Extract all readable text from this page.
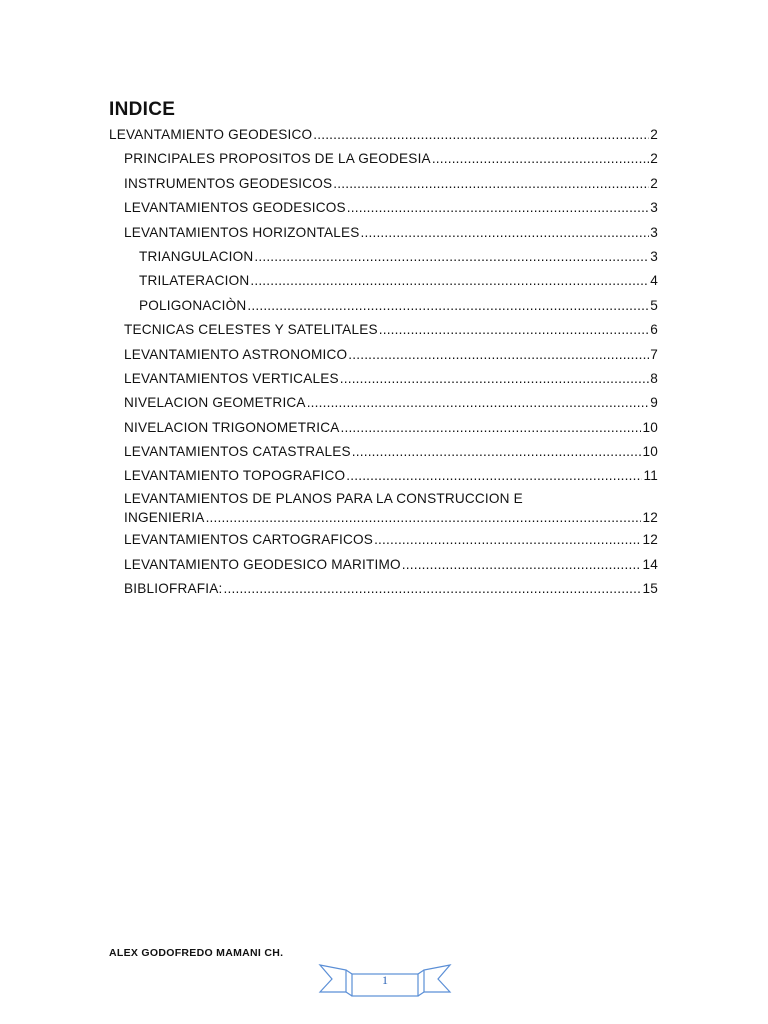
INDICE
LEVANTAMIENTO GEODESICO .....	2
PRINCIPALES PROPOSITOS DE LA GEODESIA .....	2
INSTRUMENTOS GEODESICOS .....	2
LEVANTAMIENTOS GEODESICOS .....	3
LEVANTAMIENTOS HORIZONTALES .....	3
TRIANGULACION .....	3
TRILATERACION .....	4
POLIGONACIÒN .....	5
TECNICAS CELESTES Y SATELITALES .....	6
LEVANTAMIENTO ASTRONOMICO .....	7
LEVANTAMIENTOS VERTICALES .....	8
NIVELACION GEOMETRICA .....	9
NIVELACION TRIGONOMETRICA .....	10
LEVANTAMIENTOS CATASTRALES .....	10
LEVANTAMIENTO TOPOGRAFICO .....	11
LEVANTAMIENTOS DE PLANOS PARA LA CONSTRUCCION E
INGENIERIA .....	12
LEVANTAMIENTOS CARTOGRAFICOS .....	12
LEVANTAMIENTO GEODESICO MARITIMO .....	14
BIBLIOFRAFIA: .....	15
ALEX GODOFREDO MAMANI CH.
1
